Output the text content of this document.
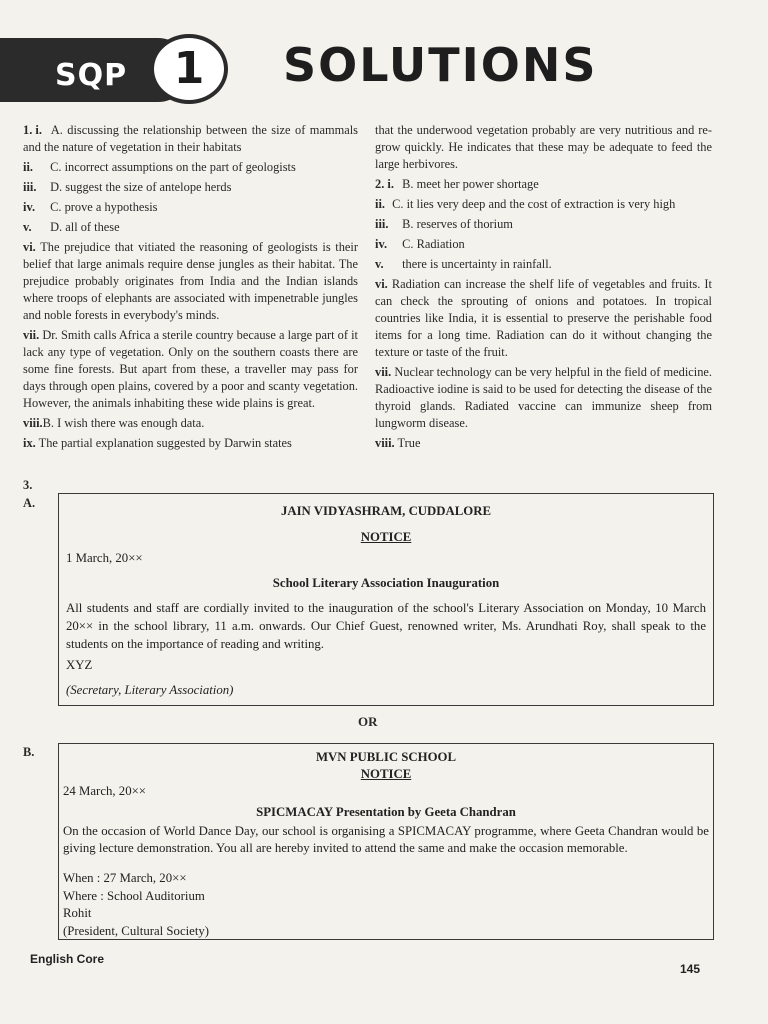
SQP	1	SOLUTIONS
1. i. A. discussing the relationship between the size of mammals and the nature of vegetation in their habitats
ii. C. incorrect assumptions on the part of geologists
iii. D. suggest the size of antelope herds
iv. C. prove a hypothesis
v. D. all of these
vi. The prejudice that vitiated the reasoning of geologists is their belief that large animals require dense jungles as their habitat. The prejudice probably originates from India and the Indian islands where troops of elephants are associated with impenetrable jungles and noble forests in everybody's minds.
vii. Dr. Smith calls Africa a sterile country because a large part of it lack any type of vegetation. Only on the southern coasts there are some fine forests. But apart from these, a traveller may pass for days through open plains, covered by a poor and scanty vegetation. However, the animals inhabiting these wide plains is great.
viii.B. I wish there was enough data.
ix. The partial explanation suggested by Darwin states
that the underwood vegetation probably are very nutritious and re-grow quickly. He indicates that these may be adequate to feed the large herbivores.
2. i. B. meet her power shortage
ii. C. it lies very deep and the cost of extraction is very high
iii. B. reserves of thorium
iv. C. Radiation
v. there is uncertainty in rainfall.
vi. Radiation can increase the shelf life of vegetables and fruits. It can check the sprouting of onions and potatoes. In tropical countries like India, it is essential to preserve the perishable food items for a long time. Radiation can do it without changing the texture or taste of the fruit.
vii. Nuclear technology can be very helpful in the field of medicine. Radioactive iodine is said to be used for detecting the disease of the thyroid glands. Radiated vaccine can immunize sheep from lungworm disease.
viii. True
3.
A.
JAIN VIDYASHRAM, CUDDALORE
NOTICE
1 March, 20××
School Literary Association Inauguration
All students and staff are cordially invited to the inauguration of the school's Literary Association on Monday, 10 March 20×× in the school library, 11 a.m. onwards. Our Chief Guest, renowned writer, Ms. Arundhati Roy, shall speak to the students on the importance of reading and writing.
XYZ
(Secretary, Literary Association)
OR
B.	MVN PUBLIC SCHOOL
NOTICE
24 March, 20××
SPICMACAY Presentation by Geeta Chandran
On the occasion of World Dance Day, our school is organising a SPICMACAY programme, where Geeta Chandran would be giving lecture demonstration. You all are hereby invited to attend the same and make the occasion memorable.
When : 27 March, 20××
Where : School Auditorium
Rohit
(President, Cultural Society)
English Core
145
